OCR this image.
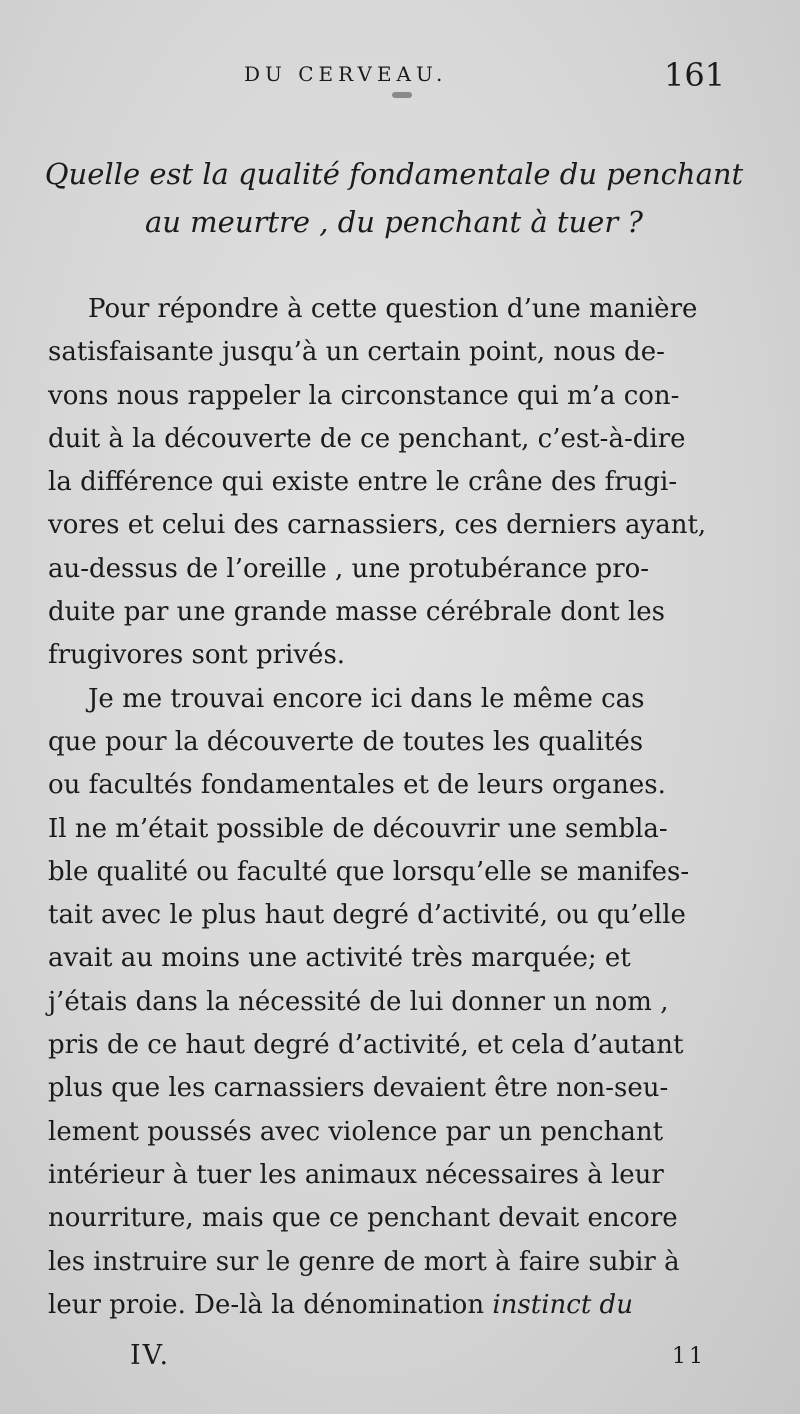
DU CERVEAU.	161
Quelle est la qualité fondamentale du penchant
au meurtre , du penchant à tuer ?
Pour répondre à cette question d’une manière
satisfaisante jusqu’à un certain point, nous de-
vons nous rappeler la circonstance qui m’a con-
duit à la découverte de ce penchant, c’est-à-dire
la différence qui existe entre le crâne des frugi-
vores et celui des carnassiers, ces derniers ayant,
au-dessus de l’oreille , une protubérance pro-
duite par une grande masse cérébrale dont les
frugivores sont privés.
Je me trouvai encore ici dans le même cas
que pour la découverte de toutes les qualités
ou facultés fondamentales et de leurs organes.
Il ne m’était possible de découvrir une sembla-
ble qualité ou faculté que lorsqu’elle se manifes-
tait avec le plus haut degré d’activité, ou qu’elle
avait au moins une activité très marquée; et
j’étais dans la nécessité de lui donner un nom ,
pris de ce haut degré d’activité, et cela d’autant
plus que les carnassiers devaient être non-seu-
lement poussés avec violence par un penchant
intérieur à tuer les animaux nécessaires à leur
nourriture, mais que ce penchant devait encore
les instruire sur le genre de mort à faire subir à
leur proie. De-là la dénomination instinct du
IV.	11
